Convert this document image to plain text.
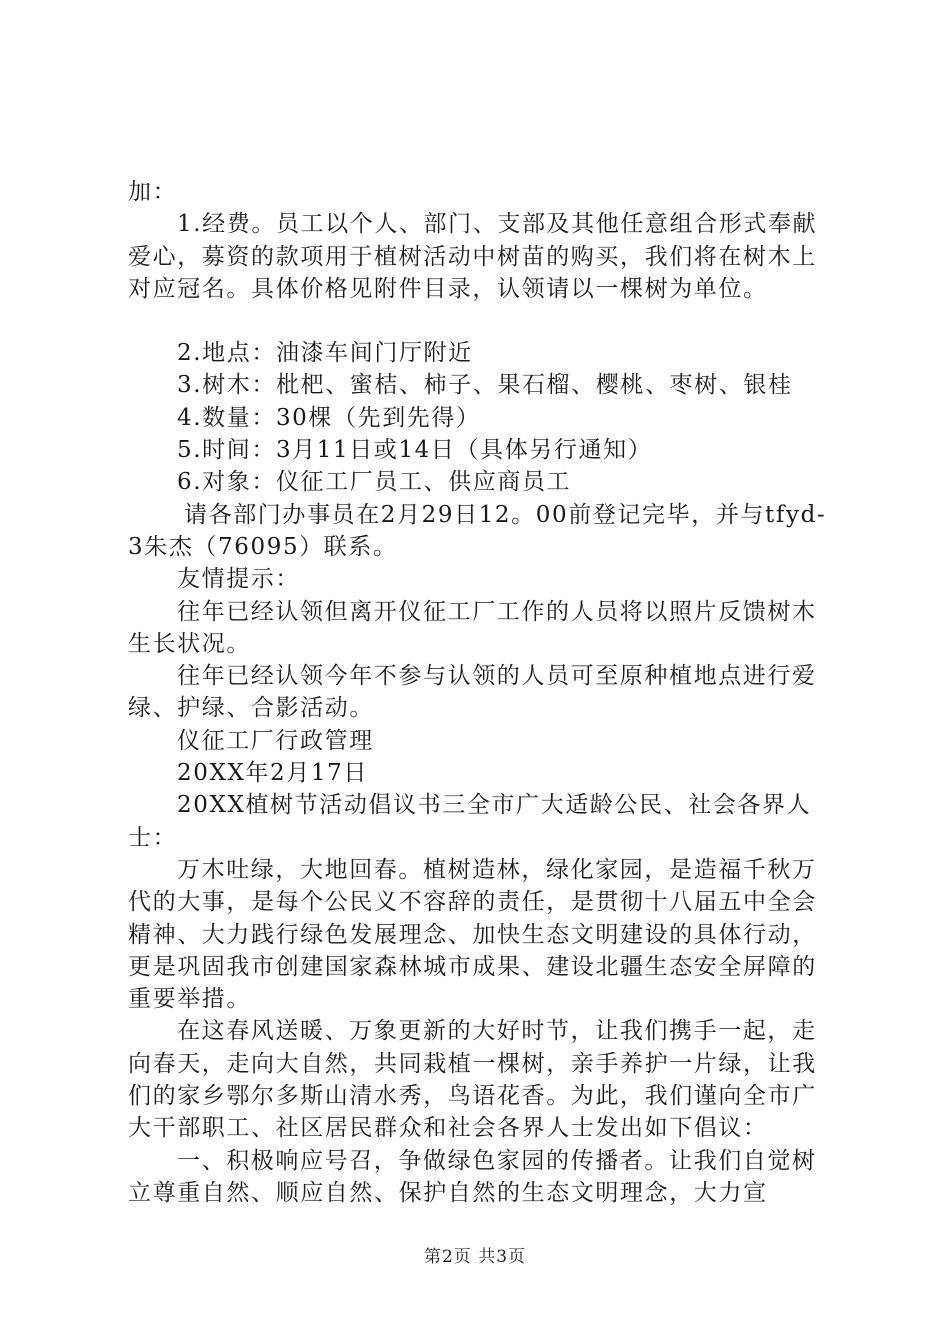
加：

1.经费。员工以个人、部门、支部及其他任意组合形式奉献爱心，募资的款项用于植树活动中树苗的购买，我们将在树木上对应冠名。具体价格见附件目录，认领请以一棵树为单位。

2.地点：油漆车间门厅附近

3.树木：枇杷、蜜桔、柿子、果石榴、樱桃、枣树、银桂

4.数量：30棵（先到先得）

5.时间：3月11日或14日（具体另行通知）

6.对象：仪征工厂员工、供应商员工

请各部门办事员在2月29日12。00前登记完毕，并与tfyd-3朱杰（76095）联系。

友情提示：

往年已经认领但离开仪征工厂工作的人员将以照片反馈树木生长状况。

往年已经认领今年不参与认领的人员可至原种植地点进行爱绿、护绿、合影活动。

仪征工厂行政管理

20XX年2月17日

20XX植树节活动倡议书三全市广大适龄公民、社会各界人士：

万木吐绿，大地回春。植树造林，绿化家园，是造福千秋万代的大事，是每个公民义不容辞的责任，是贯彻十八届五中全会精神、大力践行绿色发展理念、加快生态文明建设的具体行动，更是巩固我市创建国家森林城市成果、建设北疆生态安全屏障的重要举措。

在这春风送暖、万象更新的大好时节，让我们携手一起，走向春天，走向大自然，共同栽植一棵树，亲手养护一片绿，让我们的家乡鄂尔多斯山清水秀，鸟语花香。为此，我们谨向全市广大干部职工、社区居民群众和社会各界人士发出如下倡议：

一、积极响应号召，争做绿色家园的传播者。让我们自觉树立尊重自然、顺应自然、保护自然的生态文明理念，大力宣

第2页 共3页
